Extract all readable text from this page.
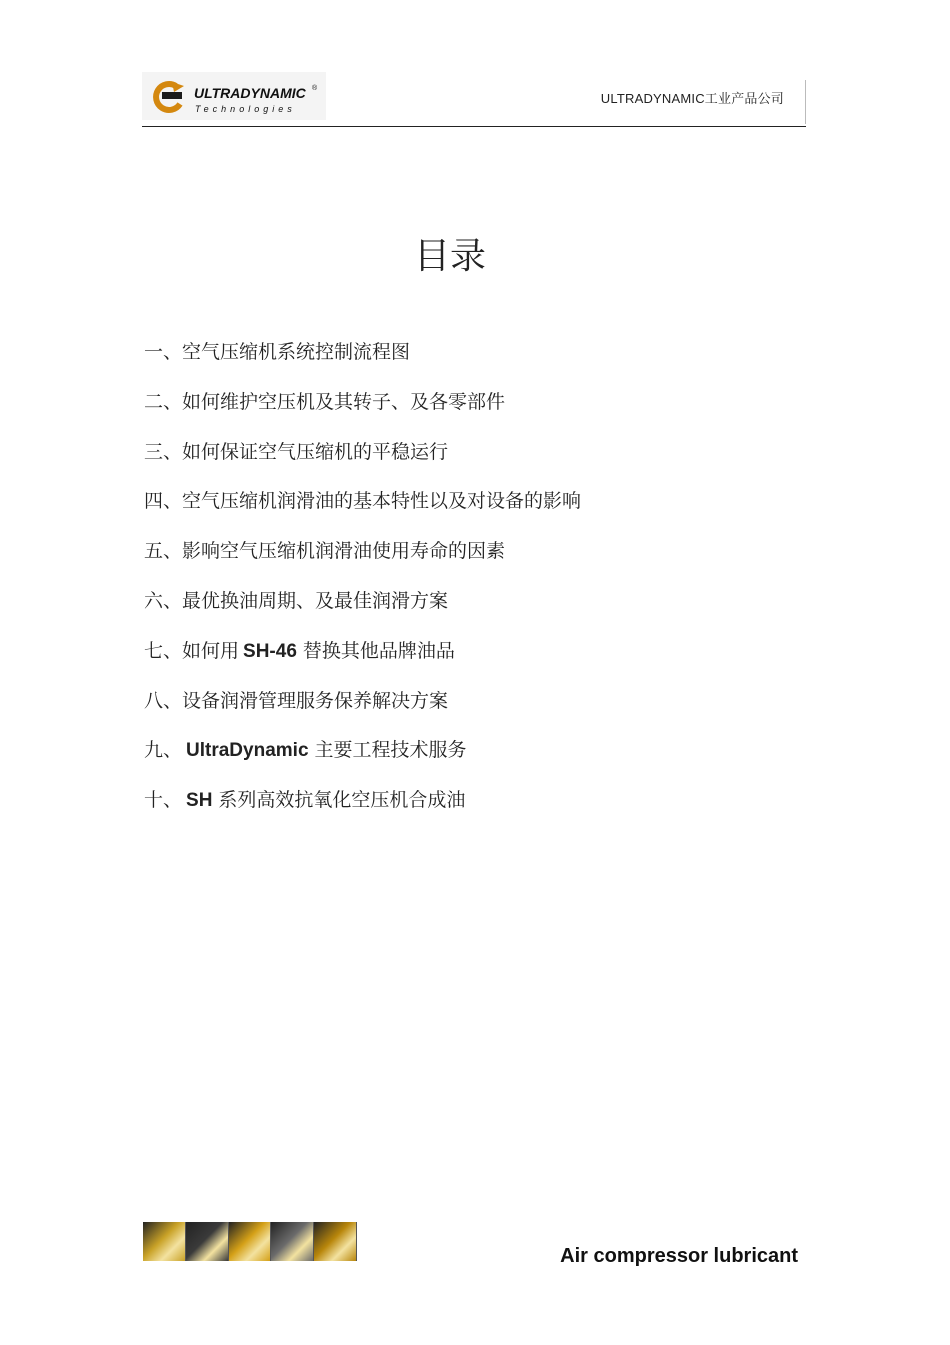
ULTRADYNAMIC ®
Technologies
ULTRADYNAMIC工业产品公司
目录
一、空气压缩机系统控制流程图
二、如何维护空压机及其转子、及各零部件
三、如何保证空气压缩机的平稳运行
四、空气压缩机润滑油的基本特性以及对设备的影响
五、影响空气压缩机润滑油使用寿命的因素
六、最优换油周期、及最佳润滑方案
七、如何用 SH-46 替换其他品牌油品
八、设备润滑管理服务保养解决方案
九、 UltraDynamic 主要工程技术服务
十、 SH 系列高效抗氧化空压机合成油
Air compressor lubricant
